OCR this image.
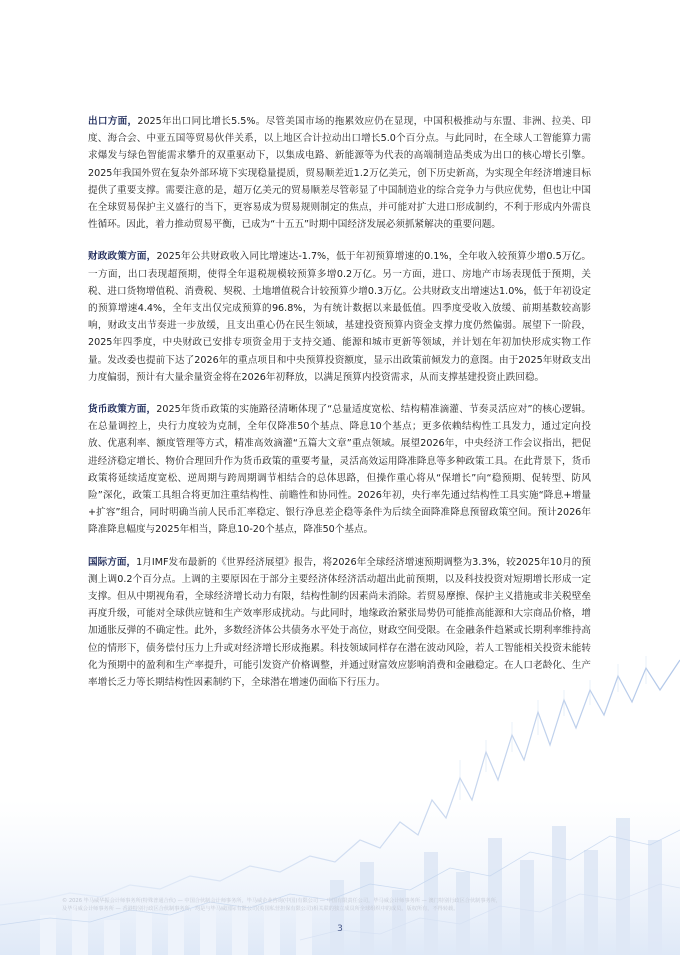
出口方面，2025年出口同比增长5.5%。尽管美国市场的拖累效应仍在显现，中国积极推动与东盟、非洲、拉美、印度、海合会、中亚五国等贸易伙伴关系，以上地区合计拉动出口增长5.0个百分点。与此同时，在全球人工智能算力需求爆发与绿色智能需求攀升的双重驱动下，以集成电路、新能源等为代表的高端制造品类成为出口的核心增长引擎。2025年我国外贸在复杂外部环境下实现稳量提质，贸易顺差近1.2万亿美元，创下历史新高，为实现全年经济增速目标提供了重要支撑。需要注意的是，超万亿美元的贸易顺差尽管彰显了中国制造业的综合竞争力与供应优势，但也让中国在全球贸易保护主义盛行的当下，更容易成为贸易规则制定的焦点，并可能对扩大进口形成制约，不利于形成内外需良性循环。因此，着力推动贸易平衡，已成为“十五五”时期中国经济发展必须抓紧解决的重要问题。

财政政策方面，2025年公共财政收入同比增速达-1.7%，低于年初预算增速的0.1%，全年收入较预算少增0.5万亿。一方面，出口表现超预期，使得全年退税规模较预算多增0.2万亿。另一方面，进口、房地产市场表现低于预期，关税、进口货物增值税、消费税、契税、土地增值税合计较预算少增0.3万亿。公共财政支出增速达1.0%，低于年初设定的预算增速4.4%，全年支出仅完成预算的96.8%，为有统计数据以来最低值。四季度受收入放缓、前期基数较高影响，财政支出节奏进一步放缓，且支出重心仍在民生领域，基建投资预算内资金支撑力度仍然偏弱。展望下一阶段，2025年四季度，中央财政已安排专项资金用于支持交通、能源和城市更新等领域，并计划在年初加快形成实物工作量。发改委也提前下达了2026年的重点项目和中央预算投资额度，显示出政策前倾发力的意图。由于2025年财政支出力度偏弱，预计有大量余量资金将在2026年初释放，以满足预算内投资需求，从而支撑基建投资止跌回稳。

货币政策方面，2025年货币政策的实施路径清晰体现了“总量适度宽松、结构精准滴灌、节奏灵活应对”的核心逻辑。在总量调控上，央行力度较为克制，全年仅降准50个基点、降息10个基点；更多依赖结构性工具发力，通过定向投放、优惠利率、额度管理等方式，精准高效滴灌“五篇大文章”重点领域。展望2026年，中央经济工作会议指出，把促进经济稳定增长、物价合理回升作为货币政策的重要考量，灵活高效运用降准降息等多种政策工具。在此背景下，货币政策将延续适度宽松、逆周期与跨周期调节相结合的总体思路，但操作重心将从“保增长”向“稳预期、促转型、防风险”深化，政策工具组合将更加注重结构性、前瞻性和协同性。2026年初，央行率先通过结构性工具实施“降息+增量+扩容”组合，同时明确当前人民币汇率稳定、银行净息差企稳等条件为后续全面降准降息预留政策空间。预计2026年降准降息幅度与2025年相当，降息10-20个基点，降准50个基点。

国际方面，1月IMF发布最新的《世界经济展望》报告，将2026年全球经济增速预期调整为3.3%，较2025年10月的预测上调0.2个百分点。上调的主要原因在于部分主要经济体经济活动超出此前预期，以及科技投资对短期增长形成一定支撑。但从中期视角看，全球经济增长动力有限，结构性制约因素尚未消除。若贸易摩擦、保护主义措施或非关税壁垒再度升级，可能对全球供应链和生产效率形成扰动。与此同时，地缘政治紧张局势仍可能推高能源和大宗商品价格，增加通胀反弹的不确定性。此外，多数经济体公共债务水平处于高位，财政空间受限。在金融条件趋紧或长期利率维持高位的情形下，债务偿付压力上升或对经济增长形成拖累。科技领域同样存在潜在波动风险，若人工智能相关投资未能转化为预期中的盈利和生产率提升，可能引发资产价格调整，并通过财富效应影响消费和金融稳定。在人口老龄化、生产率增长乏力等长期结构性因素制约下，全球潜在增速仍面临下行压力。

© 2026 毕马威华振会计师事务所(特殊普通合伙) — 中国合伙制会计师事务所，毕马威企业咨询(中国)有限公司 — 中国有限责任公司，毕马威会计师事务所 — 澳门特别行政区合伙制事务所，
及毕马威会计师事务所 — 香港特别行政区合伙制事务所，均是与毕马威国际有限公司(英国私营担保有限公司)相关联的独立成员所全球组织中的成员。版权所有，不得转载。
3
